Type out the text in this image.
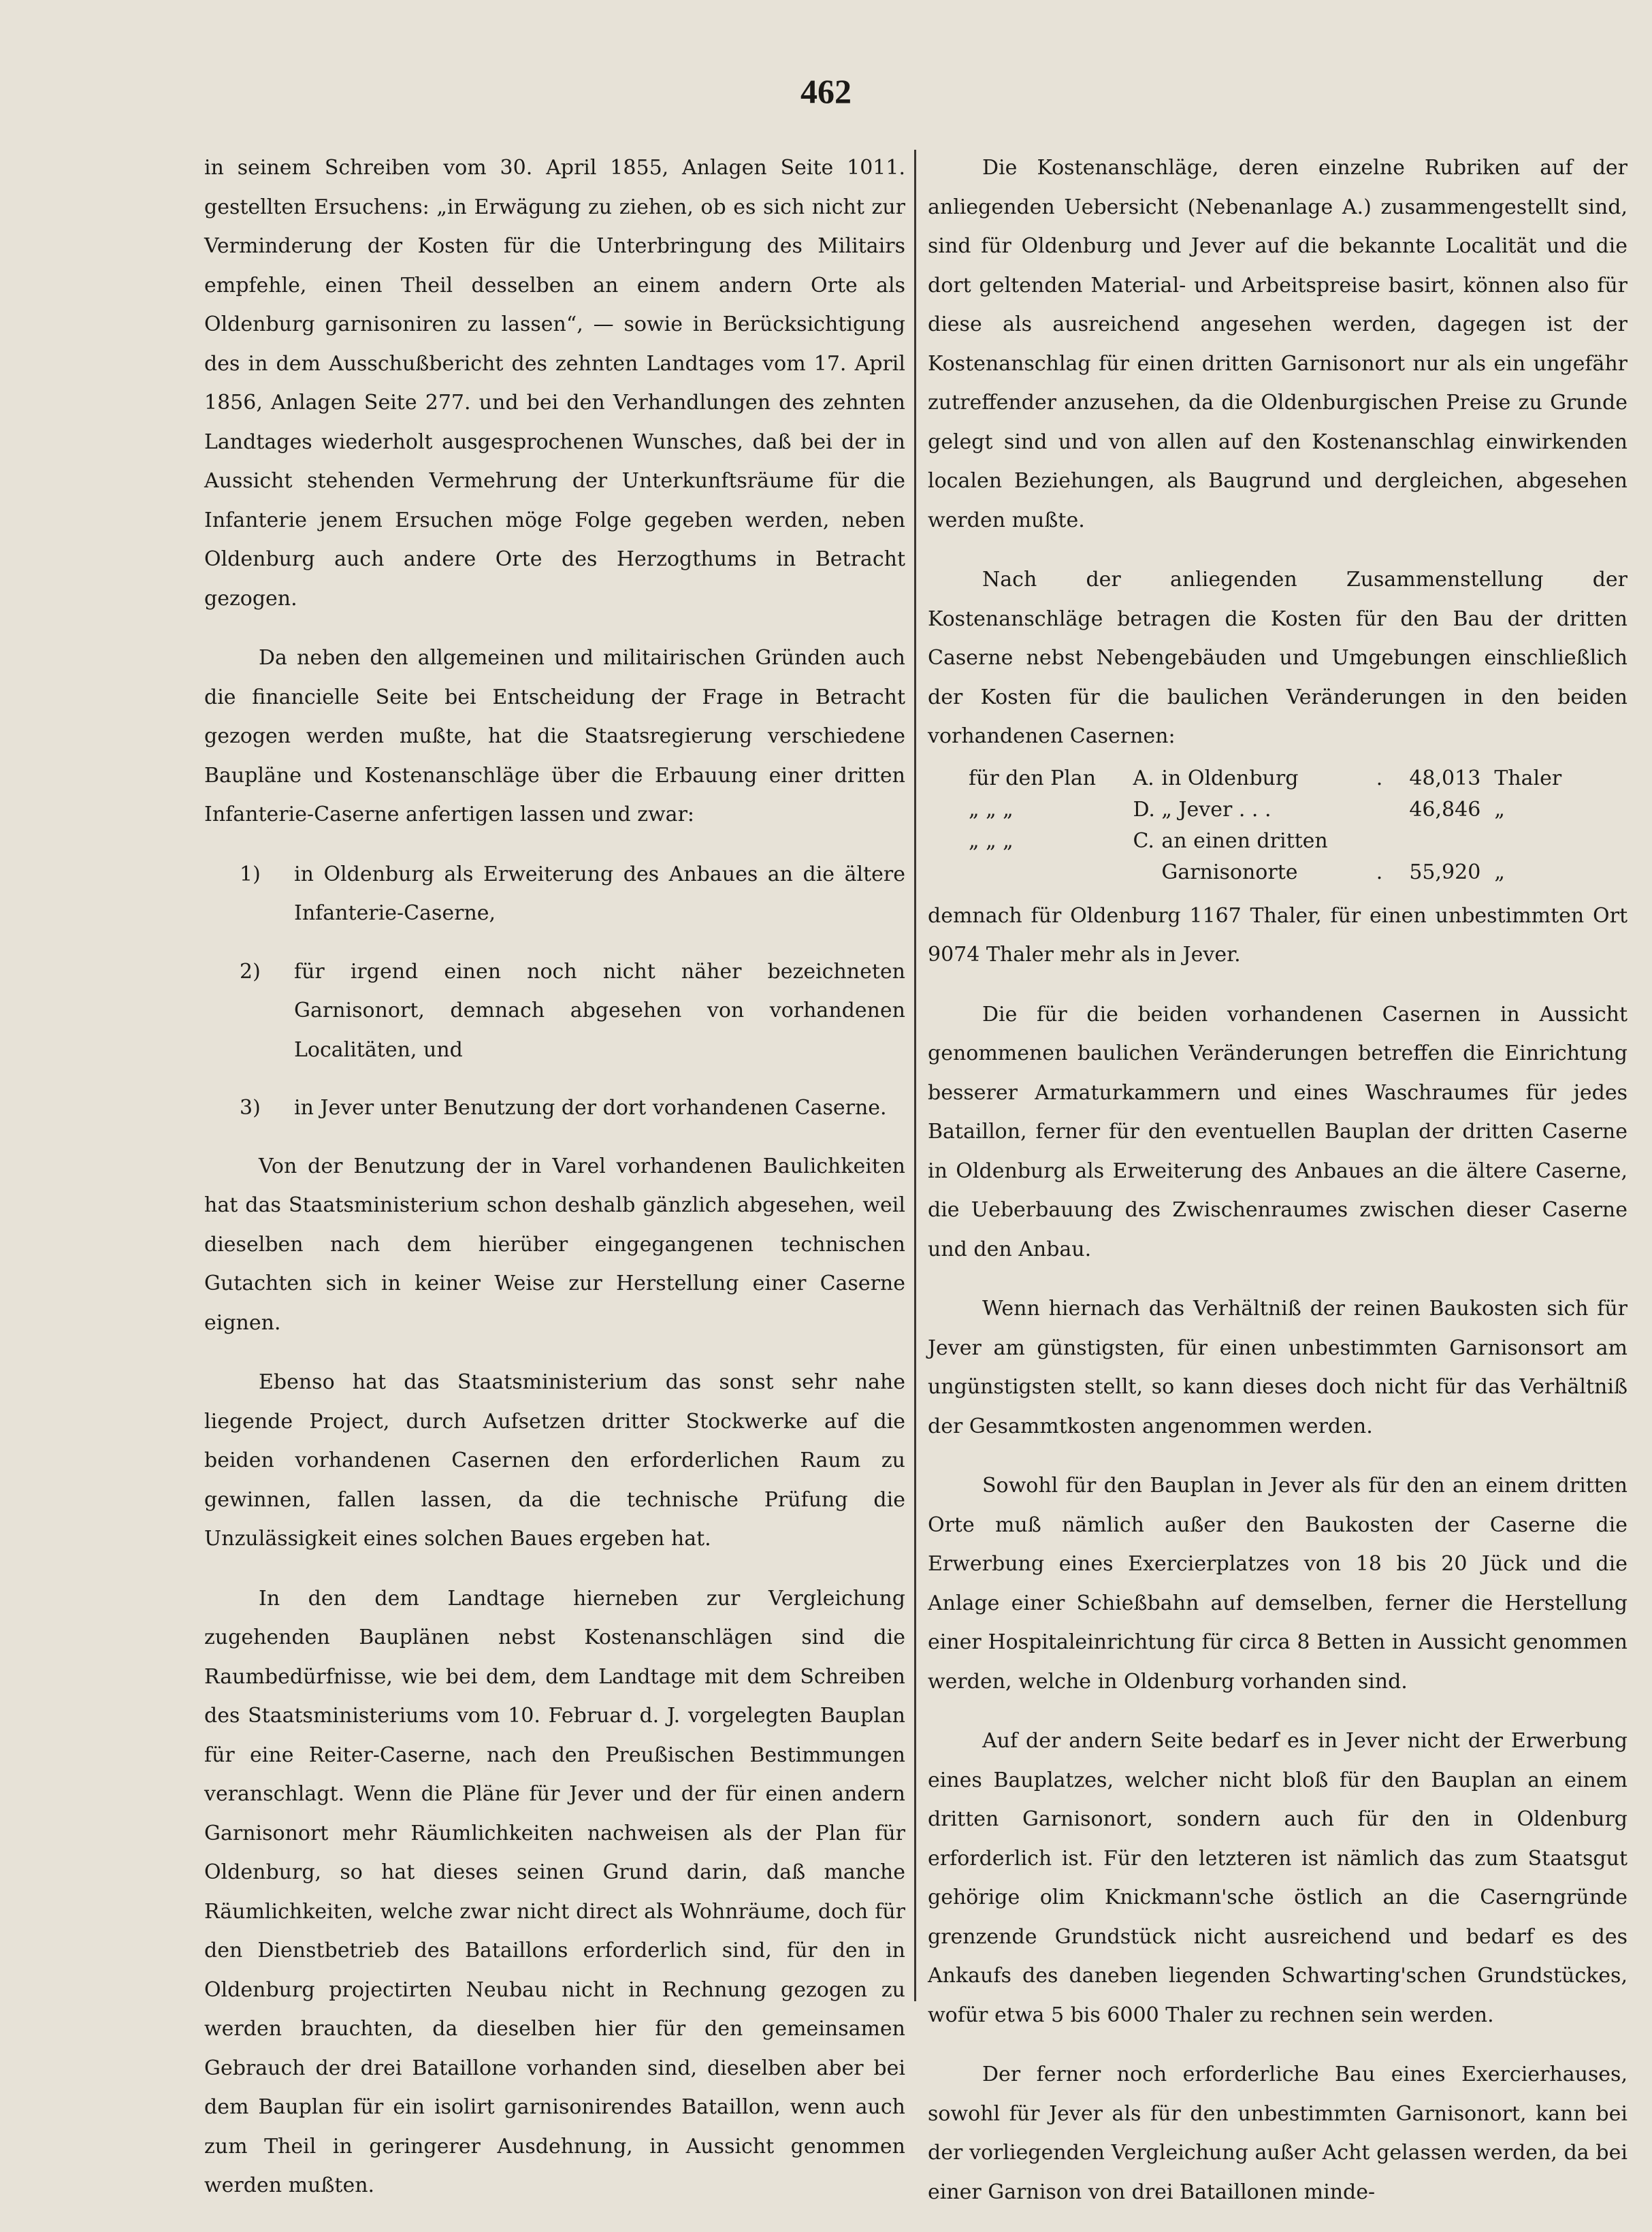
462

in seinem Schreiben vom 30. April 1855, Anlagen Seite 1011. gestellten Ersuchens: „in Erwägung zu ziehen, ob es sich nicht zur Verminderung der Kosten für die Unterbringung des Militairs empfehle, einen Theil desselben an einem andern Orte als Oldenburg garnisoniren zu lassen“, — sowie in Berücksichtigung des in dem Ausschußbericht des zehnten Landtages vom 17. April 1856, Anlagen Seite 277. und bei den Verhandlungen des zehnten Landtages wiederholt ausgesprochenen Wunsches, daß bei der in Aussicht stehenden Vermehrung der Unterkunftsräume für die Infanterie jenem Ersuchen möge Folge gegeben werden, neben Oldenburg auch andere Orte des Herzogthums in Betracht gezogen.

Da neben den allgemeinen und militairischen Gründen auch die financielle Seite bei Entscheidung der Frage in Betracht gezogen werden mußte, hat die Staatsregierung verschiedene Baupläne und Kostenanschläge über die Erbauung einer dritten Infanterie-Caserne anfertigen lassen und zwar:

1)	in Oldenburg als Erweiterung des Anbaues an die ältere Infanterie-Caserne,
2)	für irgend einen noch nicht näher bezeichneten Garnisonort, demnach abgesehen von vorhandenen Localitäten, und
3)	in Jever unter Benutzung der dort vorhandenen Caserne.

Von der Benutzung der in Varel vorhandenen Baulichkeiten hat das Staatsministerium schon deshalb gänzlich abgesehen, weil dieselben nach dem hierüber eingegangenen technischen Gutachten sich in keiner Weise zur Herstellung einer Caserne eignen.

Ebenso hat das Staatsministerium das sonst sehr nahe liegende Project, durch Aufsetzen dritter Stockwerke auf die beiden vorhandenen Casernen den erforderlichen Raum zu gewinnen, fallen lassen, da die technische Prüfung die Unzulässigkeit eines solchen Baues ergeben hat.

In den dem Landtage hierneben zur Vergleichung zugehenden Bauplänen nebst Kostenanschlägen sind die Raumbedürfnisse, wie bei dem, dem Landtage mit dem Schreiben des Staatsministeriums vom 10. Februar d. J. vorgelegten Bauplan für eine Reiter-Caserne, nach den Preußischen Bestimmungen veranschlagt. Wenn die Pläne für Jever und der für einen andern Garnisonort mehr Räumlichkeiten nachweisen als der Plan für Oldenburg, so hat dieses seinen Grund darin, daß manche Räumlichkeiten, welche zwar nicht direct als Wohnräume, doch für den Dienstbetrieb des Bataillons erforderlich sind, für den in Oldenburg projectirten Neubau nicht in Rechnung gezogen zu werden brauchten, da dieselben hier für den gemeinsamen Gebrauch der drei Bataillone vorhanden sind, dieselben aber bei dem Bauplan für ein isolirt garnisonirendes Bataillon, wenn auch zum Theil in geringerer Ausdehnung, in Aussicht genommen werden mußten.

Die Kostenanschläge, deren einzelne Rubriken auf der anliegenden Uebersicht (Nebenanlage A.) zusammengestellt sind, sind für Oldenburg und Jever auf die bekannte Localität und die dort geltenden Material- und Arbeitspreise basirt, können also für diese als ausreichend angesehen werden, dagegen ist der Kostenanschlag für einen dritten Garnisonort nur als ein ungefähr zutreffender anzusehen, da die Oldenburgischen Preise zu Grunde gelegt sind und von allen auf den Kostenanschlag einwirkenden localen Beziehungen, als Baugrund und dergleichen, abgesehen werden mußte.

Nach der anliegenden Zusammenstellung der Kostenanschläge betragen die Kosten für den Bau der dritten Caserne nebst Nebengebäuden und Umgebungen einschließlich der Kosten für die baulichen Veränderungen in den beiden vorhandenen Casernen:

für den Plan	A.	in Oldenburg	.	48,013	Thaler
„ „ „	D.	„ Jever . . .		46,846	„
„ „ „	C.	an einen dritten			
		Garnisonorte	.	55,920	„

demnach für Oldenburg 1167 Thaler, für einen unbestimmten Ort 9074 Thaler mehr als in Jever.

Die für die beiden vorhandenen Casernen in Aussicht genommenen baulichen Veränderungen betreffen die Einrichtung besserer Armaturkammern und eines Waschraumes für jedes Bataillon, ferner für den eventuellen Bauplan der dritten Caserne in Oldenburg als Erweiterung des Anbaues an die ältere Caserne, die Ueberbauung des Zwischenraumes zwischen dieser Caserne und den Anbau.

Wenn hiernach das Verhältniß der reinen Baukosten sich für Jever am günstigsten, für einen unbestimmten Garnisonsort am ungünstigsten stellt, so kann dieses doch nicht für das Verhältniß der Gesammtkosten angenommen werden.

Sowohl für den Bauplan in Jever als für den an einem dritten Orte muß nämlich außer den Baukosten der Caserne die Erwerbung eines Exercierplatzes von 18 bis 20 Jück und die Anlage einer Schießbahn auf demselben, ferner die Herstellung einer Hospitaleinrichtung für circa 8 Betten in Aussicht genommen werden, welche in Oldenburg vorhanden sind.

Auf der andern Seite bedarf es in Jever nicht der Erwerbung eines Bauplatzes, welcher nicht bloß für den Bauplan an einem dritten Garnisonort, sondern auch für den in Oldenburg erforderlich ist. Für den letzteren ist nämlich das zum Staatsgut gehörige olim Knickmann'sche östlich an die Caserngründe grenzende Grundstück nicht ausreichend und bedarf es des Ankaufs des daneben liegenden Schwarting'schen Grundstückes, wofür etwa 5 bis 6000 Thaler zu rechnen sein werden.

Der ferner noch erforderliche Bau eines Exercierhauses, sowohl für Jever als für den unbestimmten Garnisonort, kann bei der vorliegenden Vergleichung außer Acht gelassen werden, da bei einer Garnison von drei Bataillonen minde-
